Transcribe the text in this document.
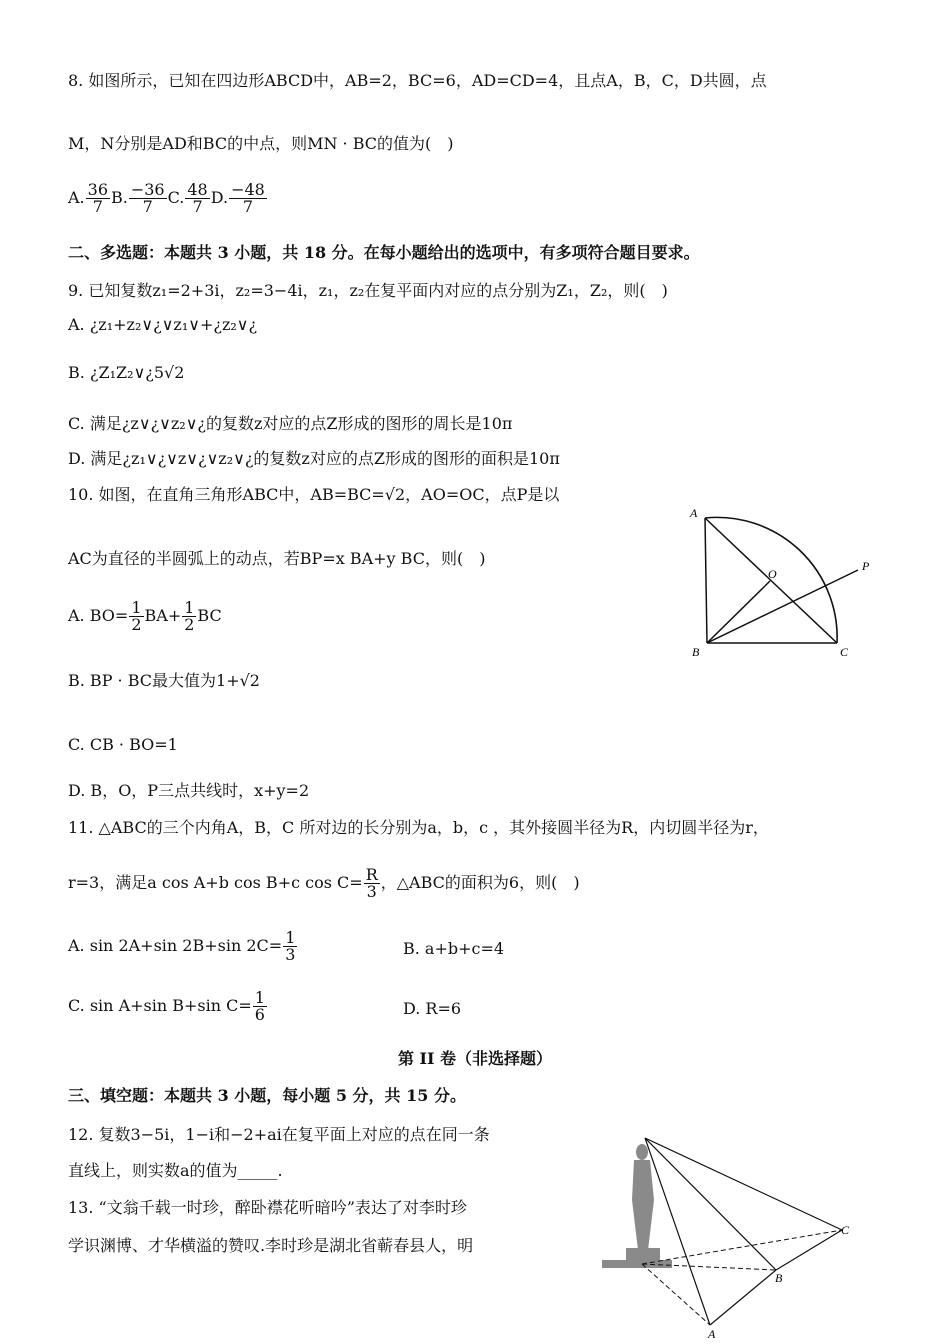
8. 如图所示，已知在四边形ABCD中，AB=2，BC=6，AD=CD=4，且点A，B，C，D共圆，点
M，N分别是AD和BC的中点，则MN · BC的值为(　)
A. $\frac{36}{7} B$. $\frac{-36}{7} C$. $\frac{48}{7} D$. $\frac{-48}{7}$
二、多选题：本题共 3 小题，共 18 分。在每小题给出的选项中，有多项符合题目要求。
9. 已知复数z₁=2+3i，z₂=3−4i，z₁，z₂在复平面内对应的点分别为Z₁，Z₂，则(　)
A. ¿z₁+z₂∨¿∨z₁∨+¿z₂∨¿
B. ¿Z₁Z₂∨¿5√2
C. 满足¿z∨¿∨z₂∨¿的复数z对应的点Z形成的图形的周长是10π
D. 满足¿z₁∨¿∨z∨¿∨z₂∨¿的复数z对应的点Z形成的图形的面积是10π
10. 如图，在直角三角形ABC中，AB=BC=√2，AO=OC，点P是以
AC为直径的半圆弧上的动点，若BP=x BA+y BC，则(　)
A. $BO= \frac{1}{2} BA+ \frac{1}{2}$ BC
B. BP · BC最大值为1+√2
C. CB · BO=1
D. B，O，P三点共线时，x+y=2
A
B	C
O
P
11. △ABC的三个内角A，B，C 所对边的长分别为a，b，c ，其外接圆半径为R，内切圆半径为r，
r=3，满足a cos A+b cos B+c $\cos C= \frac{R}{3}$ ，△ABC的面积为6，则(　)
A. sin 2A+sin 2B+sin $2C= \frac{1}{3}$	B. a+b+c=4
C. sin A+sin B+sin $C= \frac{1}{6}$	D. R=6
第 II 卷（非选择题）
三、填空题：本题共 3 小题，每小题 5 分，共 15 分。
12. 复数3−5i，1−i和−2+ai在复平面上对应的点在同一条
直线上，则实数a的值为_____.
13. “文翁千载一时珍，醉卧襟花听暗吟”表达了对李时珍
学识渊博、才华横溢的赞叹.李时珍是湖北省蕲春县人，明
C
B
A
